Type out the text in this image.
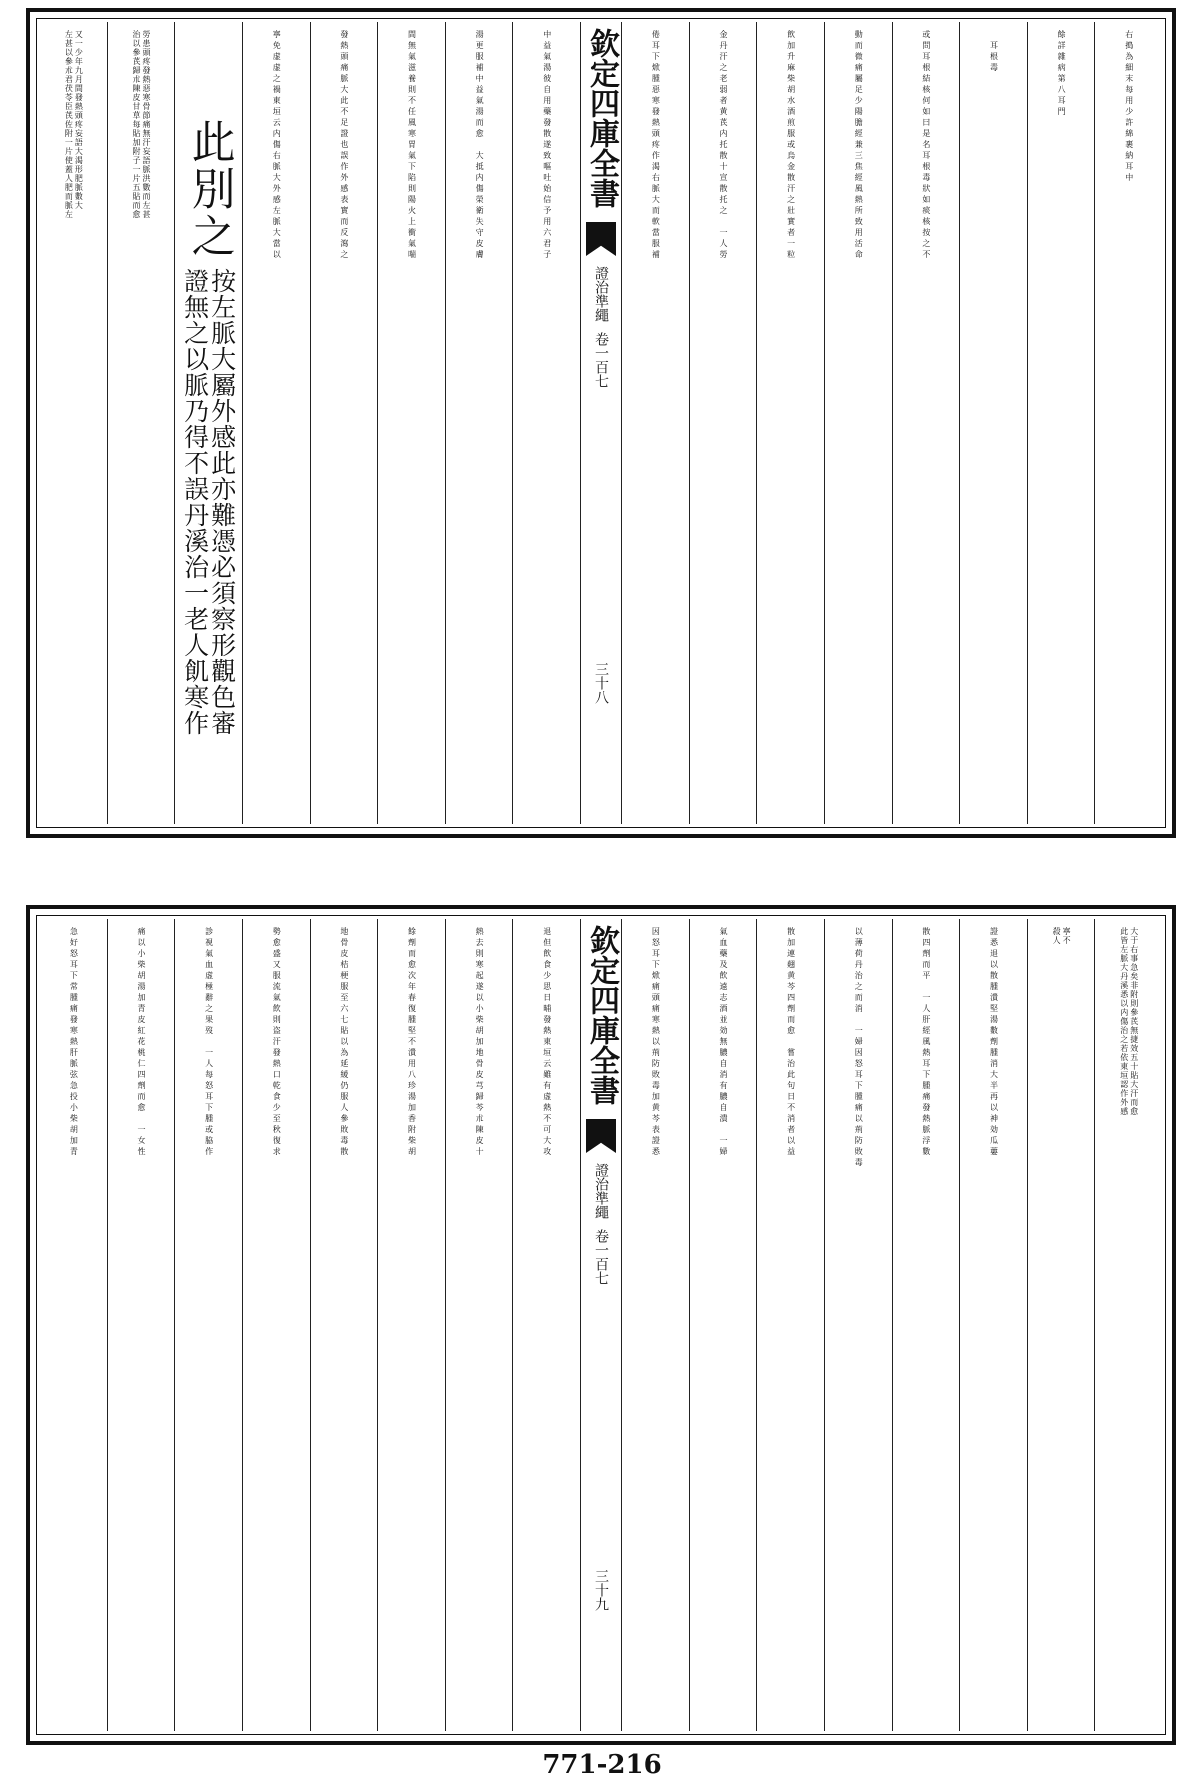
右搗為細末每用少許綿裹納耳中
餘詳雜病第八耳門
　耳根毒
或問耳根結核何如曰是名耳根毒狀如痰核按之不
動而微痛屬足少陽膽經兼三焦經風熱所致用活命
飲加升麻柴胡水酒煎服或烏金散汗之壯實者一粒
金丹汗之老弱者黄芪内托散十宣散托之　一人勞
倦耳下焮腫惡寒發熱頭疼作渴右脈大而軟當服補
欽定四庫全書
證治準繩
卷一百七
三十八
中益氣湯彼自用藥發散遂致嘔吐始信予用六君子
湯更服補中益氣湯而愈　大抵内傷榮衛失守皮膚
間無氣滋養則不任風寒胃氣下陷則陽火上衝氣喘
發熱頭痛脈大此不足證也誤作外感表實而反瀉之
寧免虚虚之禍東垣云内傷右脈大外感左脈大當以
此別之
按左脈大屬外感此亦難憑必須察形觀色審
證無之以脈乃得不誤丹溪治一老人飢寒作
勞患頭疼發熱惡寒骨節痛無汗妄語脈洪數而左甚
治以參芪歸朮陳皮甘草每貼加附子一片五貼而愈
又一少年九月間發熱頭疼妄語大渴形肥脈數大
左甚以參朮君茯苓臣芪佐附一片使蓋人肥而脈左
大于右事急矣非附則參芪無捷效五十貼大汗而愈
此皆左脈大丹溪悉以内傷治之若依東垣認作外感
寧不
殺人
證悉退以散腫潰堅湯數劑腫消大半再以神効瓜蔞
散四劑而平　一人肝經風熱耳下腫痛發熱脈浮數
以薄荷丹治之而消　一婦因怒耳下腫痛以荊防敗毒
散加連翹黄芩四劑而愈　嘗治此句日不消者以益
氣血藥及飲遠志酒並効無膿自消有膿自潰　一婦
因怒耳下焮痛頭痛寒熱以荊防敗毒加黄芩表證悉
欽定四庫全書
證治準繩
卷一百七
三十九
退但飲食少思日晡發熱東垣云雖有虚熱不可大攻
熱去則寒起遂以小柴胡加地骨皮芎歸芩朮陳皮十
餘劑而愈次年春復腫堅不潰用八珍湯加香附柴胡
地骨皮桔梗服至六七貼以為延緩仍服人參敗毒散
勢愈盛又服流氣飲則盗汗發熱口乾食少至秋復求
診視氣血虚極辭之果歿　一人每怒耳下腫或脇作
痛以小柴胡湯加青皮紅花桃仁四劑而愈　一女性
急好怒耳下常腫痛發寒熱肝脈弦急投小柴胡加青
771-216
